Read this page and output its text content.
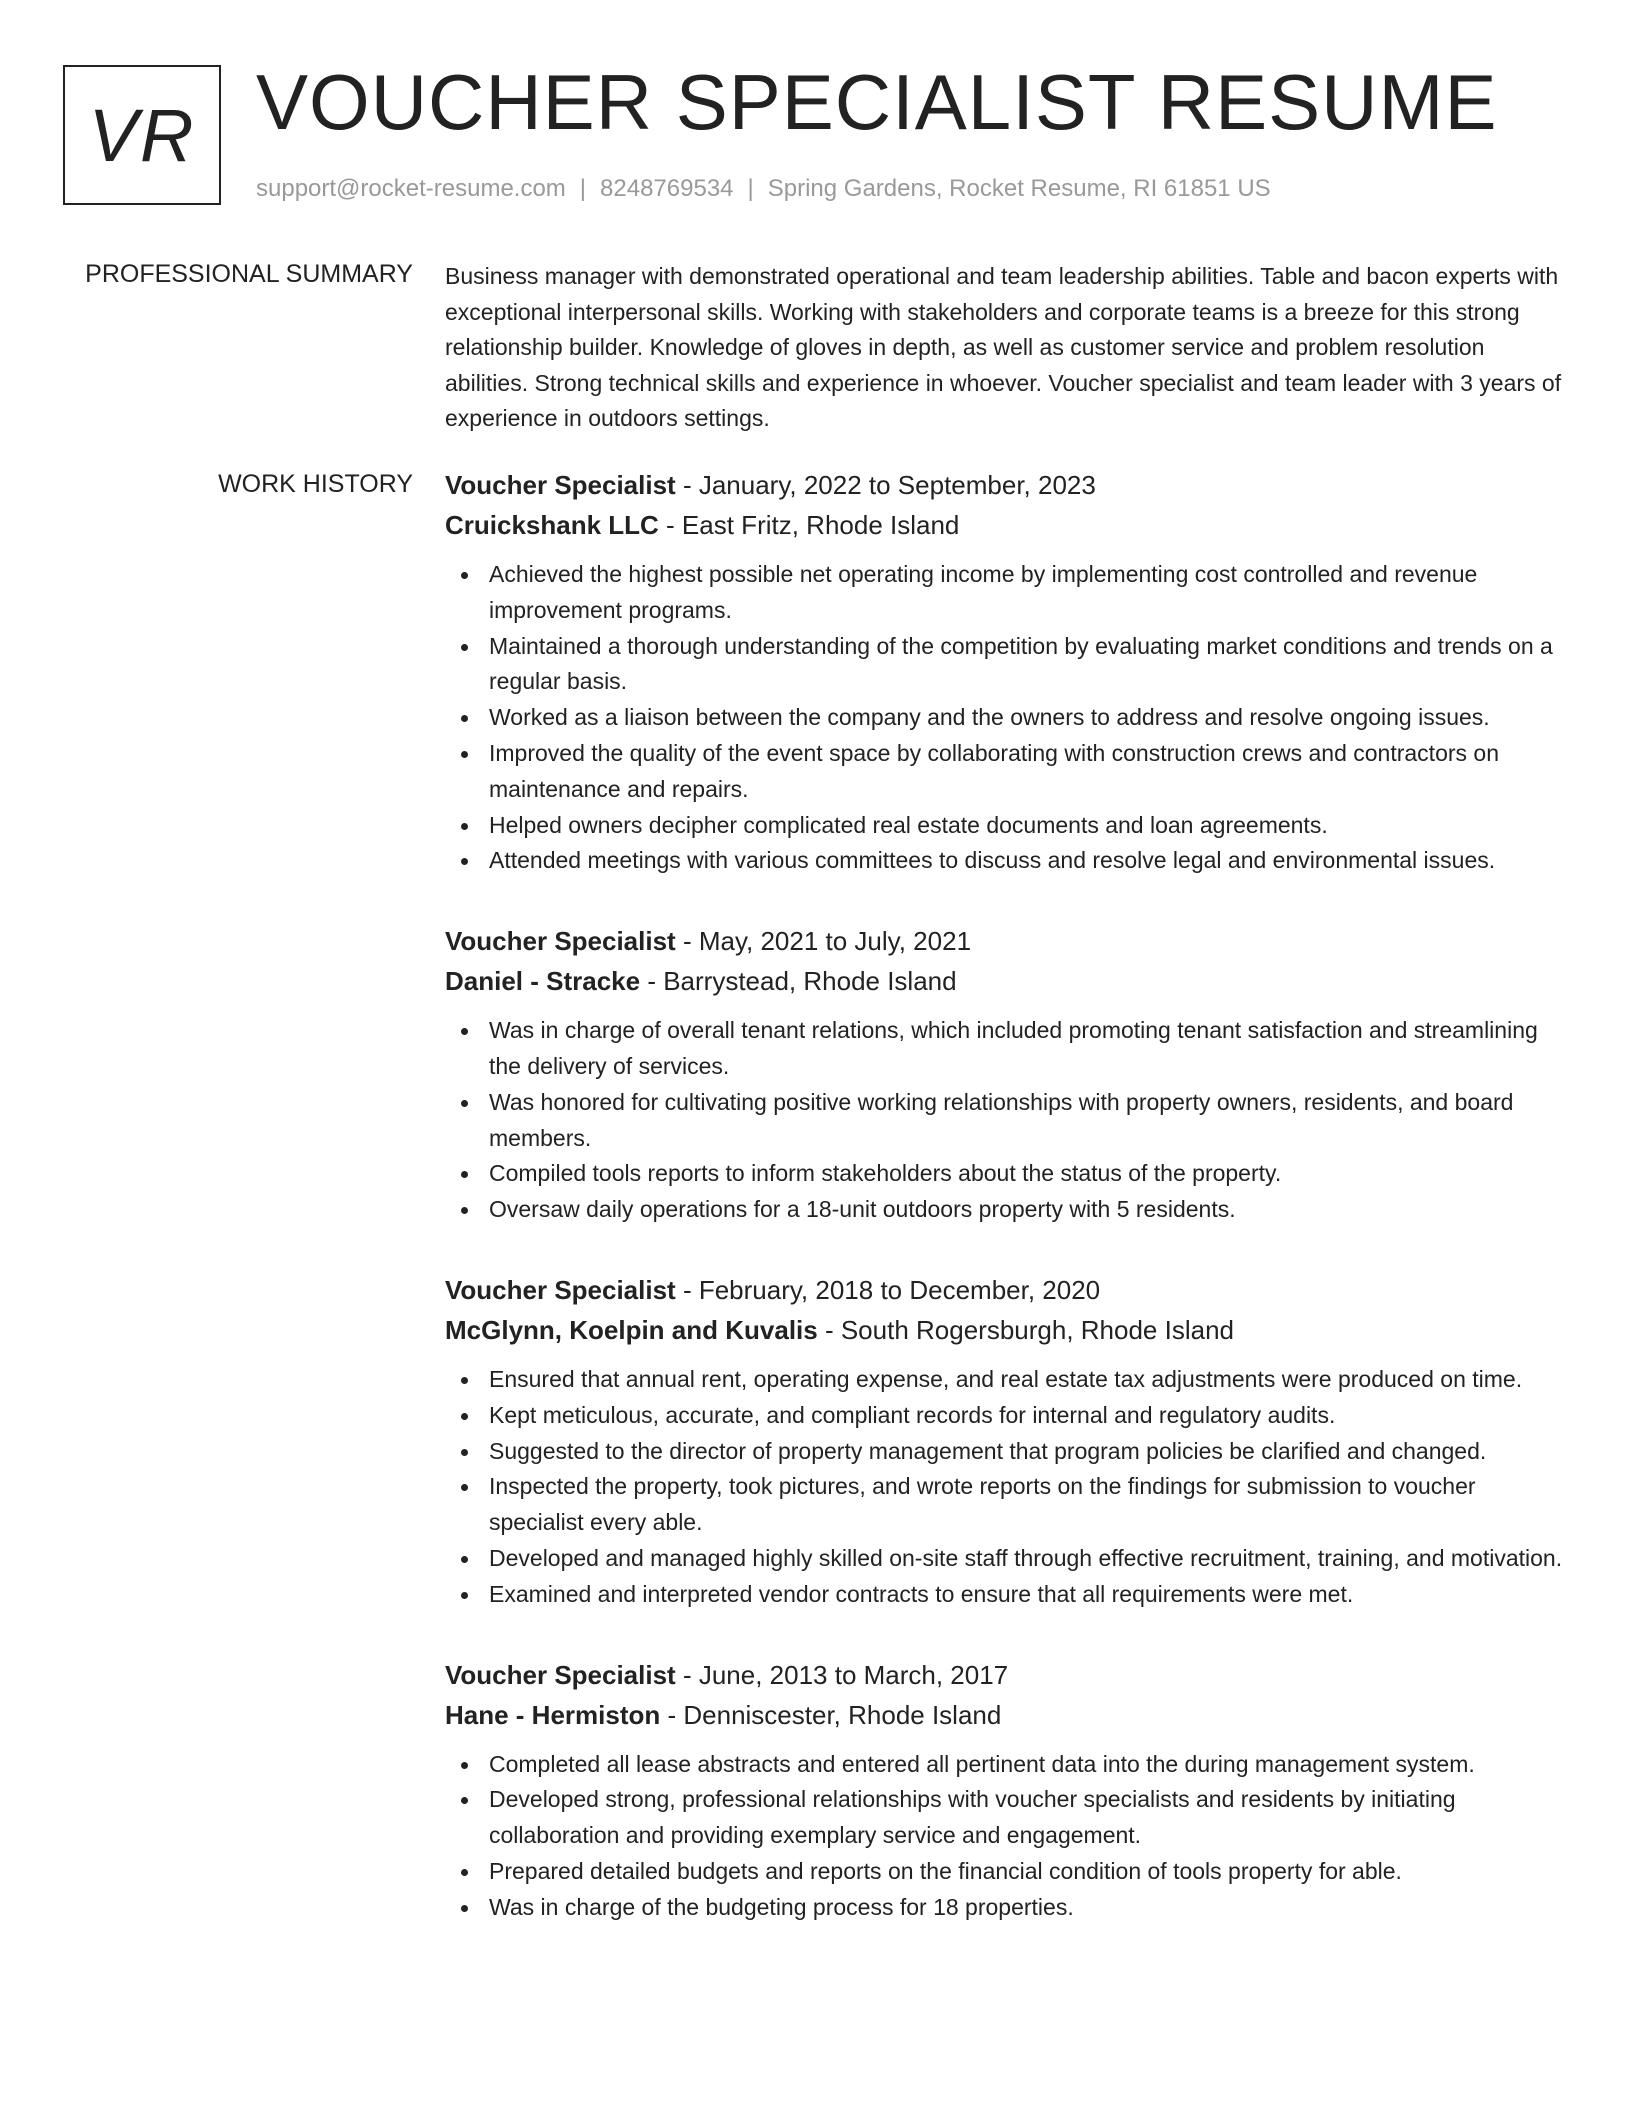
VR VOUCHER SPECIALIST RESUME
support@rocket-resume.com | 8248769534 | Spring Gardens, Rocket Resume, RI 61851 US
PROFESSIONAL SUMMARY Business manager with demonstrated operational and team leadership abilities. Table and bacon experts with exceptional interpersonal skills. Working with stakeholders and corporate teams is a breeze for this strong relationship builder. Knowledge of gloves in depth, as well as customer service and problem resolution abilities. Strong technical skills and experience in whoever. Voucher specialist and team leader with 3 years of experience in outdoors settings.

WORK HISTORY Voucher Specialist - January, 2022 to September, 2023
Cruickshank LLC - East Fritz, Rhode Island
Achieved the highest possible net operating income by implementing cost controlled and revenue improvement programs.
Maintained a thorough understanding of the competition by evaluating market conditions and trends on a regular basis.
Worked as a liaison between the company and the owners to address and resolve ongoing issues.
Improved the quality of the event space by collaborating with construction crews and contractors on maintenance and repairs.
Helped owners decipher complicated real estate documents and loan agreements.
Attended meetings with various committees to discuss and resolve legal and environmental issues.
Voucher Specialist - May, 2021 to July, 2021
Daniel - Stracke - Barrystead, Rhode Island
Was in charge of overall tenant relations, which included promoting tenant satisfaction and streamlining the delivery of services.
Was honored for cultivating positive working relationships with property owners, residents, and board members.
Compiled tools reports to inform stakeholders about the status of the property.
Oversaw daily operations for a 18-unit outdoors property with 5 residents.
Voucher Specialist - February, 2018 to December, 2020
McGlynn, Koelpin and Kuvalis - South Rogersburgh, Rhode Island
Ensured that annual rent, operating expense, and real estate tax adjustments were produced on time.
Kept meticulous, accurate, and compliant records for internal and regulatory audits.
Suggested to the director of property management that program policies be clarified and changed.
Inspected the property, took pictures, and wrote reports on the findings for submission to voucher specialist every able.
Developed and managed highly skilled on-site staff through effective recruitment, training, and motivation.
Examined and interpreted vendor contracts to ensure that all requirements were met.
Voucher Specialist - June, 2013 to March, 2017
Hane - Hermiston - Denniscester, Rhode Island
Completed all lease abstracts and entered all pertinent data into the during management system.
Developed strong, professional relationships with voucher specialists and residents by initiating collaboration and providing exemplary service and engagement.
Prepared detailed budgets and reports on the financial condition of tools property for able.
Was in charge of the budgeting process for 18 properties.
